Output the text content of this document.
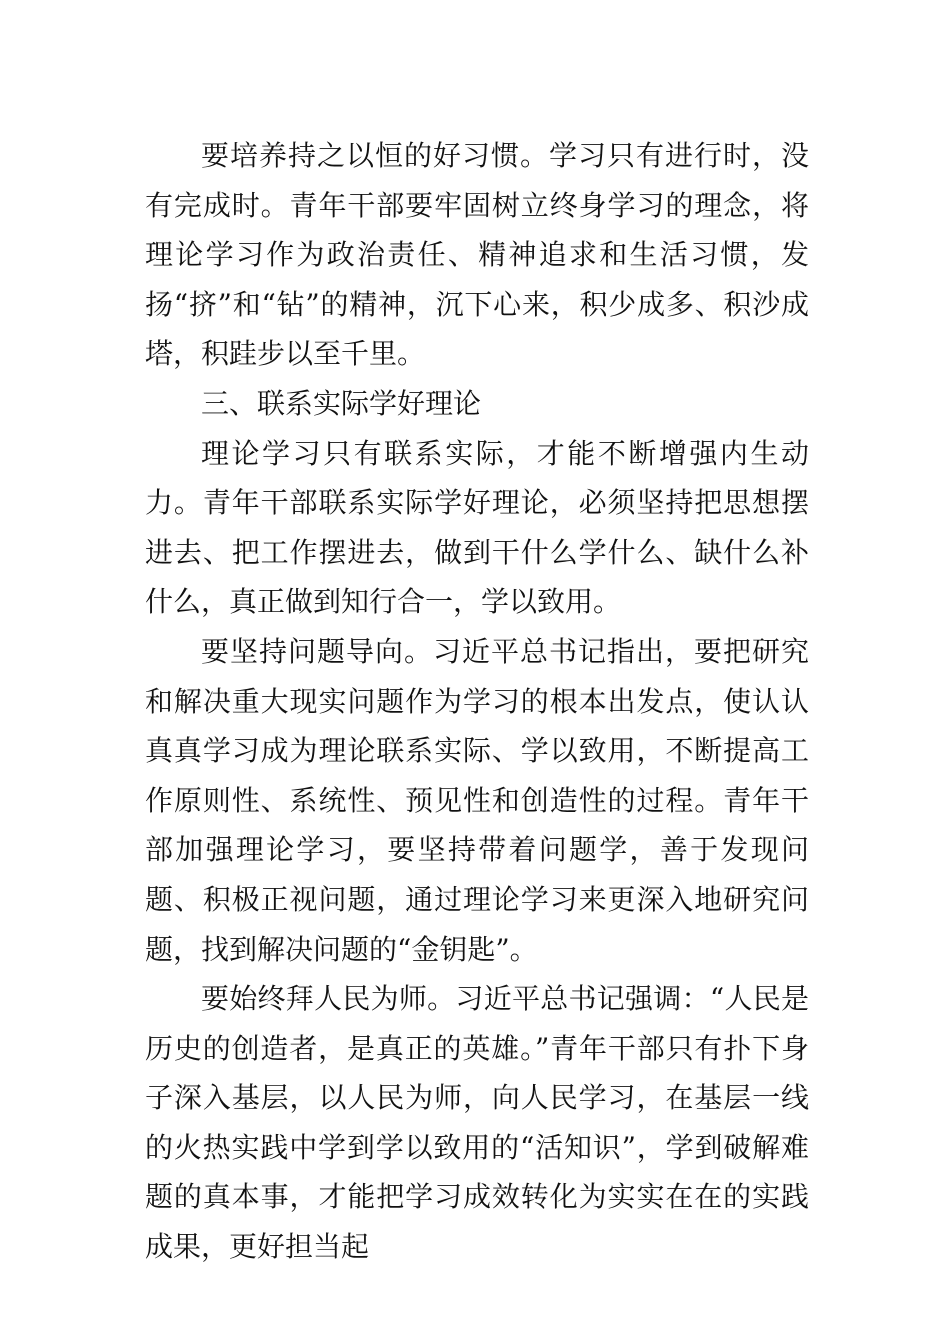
要培养持之以恒的好习惯。学习只有进行时，没有完成时。青年干部要牢固树立终身学习的理念，将理论学习作为政治责任、精神追求和生活习惯，发扬“挤”和“钻”的精神，沉下心来，积少成多、积沙成塔，积跬步以至千里。

三、联系实际学好理论

理论学习只有联系实际，才能不断增强内生动力。青年干部联系实际学好理论，必须坚持把思想摆进去、把工作摆进去，做到干什么学什么、缺什么补什么，真正做到知行合一，学以致用。

要坚持问题导向。习近平总书记指出，要把研究和解决重大现实问题作为学习的根本出发点，使认认真真学习成为理论联系实际、学以致用，不断提高工作原则性、系统性、预见性和创造性的过程。青年干部加强理论学习，要坚持带着问题学，善于发现问题、积极正视问题，通过理论学习来更深入地研究问题，找到解决问题的“金钥匙”。

要始终拜人民为师。习近平总书记强调：“人民是历史的创造者，是真正的英雄。”青年干部只有扑下身子深入基层，以人民为师，向人民学习，在基层一线的火热实践中学到学以致用的“活知识”，学到破解难题的真本事，才能把学习成效转化为实实在在的实践成果，更好担当起
